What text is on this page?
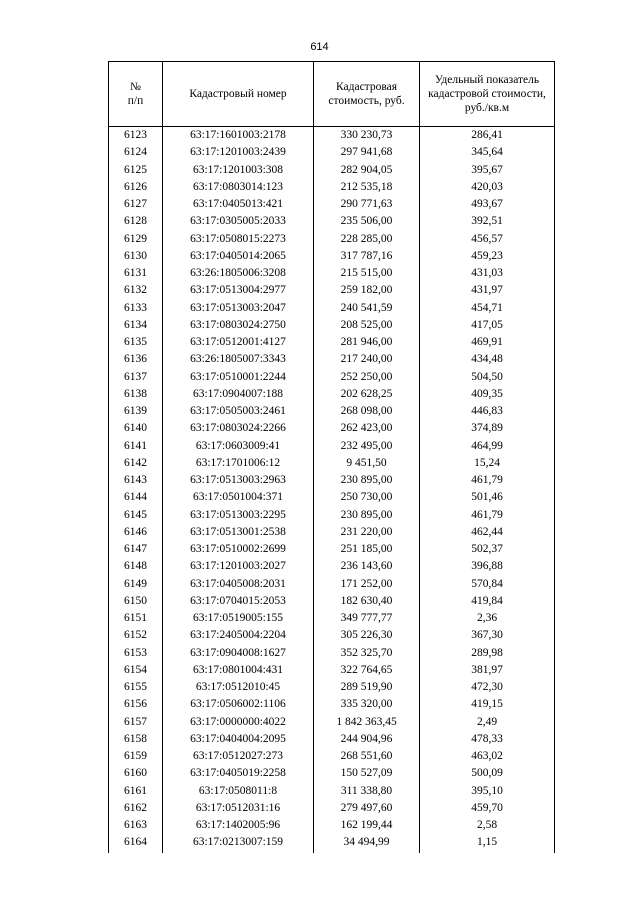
614
№
п/п	Кадастровый номер	Кадастровая стоимость, руб.	Удельный показатель кадастровой стоимости, руб./кв.м
6123	63:17:1601003:2178	330 230,73	286,41
6124	63:17:1201003:2439	297 941,68	345,64
6125	63:17:1201003:308	282 904,05	395,67
6126	63:17:0803014:123	212 535,18	420,03
6127	63:17:0405013:421	290 771,63	493,67
6128	63:17:0305005:2033	235 506,00	392,51
6129	63:17:0508015:2273	228 285,00	456,57
6130	63:17:0405014:2065	317 787,16	459,23
6131	63:26:1805006:3208	215 515,00	431,03
6132	63:17:0513004:2977	259 182,00	431,97
6133	63:17:0513003:2047	240 541,59	454,71
6134	63:17:0803024:2750	208 525,00	417,05
6135	63:17:0512001:4127	281 946,00	469,91
6136	63:26:1805007:3343	217 240,00	434,48
6137	63:17:0510001:2244	252 250,00	504,50
6138	63:17:0904007:188	202 628,25	409,35
6139	63:17:0505003:2461	268 098,00	446,83
6140	63:17:0803024:2266	262 423,00	374,89
6141	63:17:0603009:41	232 495,00	464,99
6142	63:17:1701006:12	9 451,50	15,24
6143	63:17:0513003:2963	230 895,00	461,79
6144	63:17:0501004:371	250 730,00	501,46
6145	63:17:0513003:2295	230 895,00	461,79
6146	63:17:0513001:2538	231 220,00	462,44
6147	63:17:0510002:2699	251 185,00	502,37
6148	63:17:1201003:2027	236 143,60	396,88
6149	63:17:0405008:2031	171 252,00	570,84
6150	63:17:0704015:2053	182 630,40	419,84
6151	63:17:0519005:155	349 777,77	2,36
6152	63:17:2405004:2204	305 226,30	367,30
6153	63:17:0904008:1627	352 325,70	289,98
6154	63:17:0801004:431	322 764,65	381,97
6155	63:17:0512010:45	289 519,90	472,30
6156	63:17:0506002:1106	335 320,00	419,15
6157	63:17:0000000:4022	1 842 363,45	2,49
6158	63:17:0404004:2095	244 904,96	478,33
6159	63:17:0512027:273	268 551,60	463,02
6160	63:17:0405019:2258	150 527,09	500,09
6161	63:17:0508011:8	311 338,80	395,10
6162	63:17:0512031:16	279 497,60	459,70
6163	63:17:1402005:96	162 199,44	2,58
6164	63:17:0213007:159	34 494,99	1,15
